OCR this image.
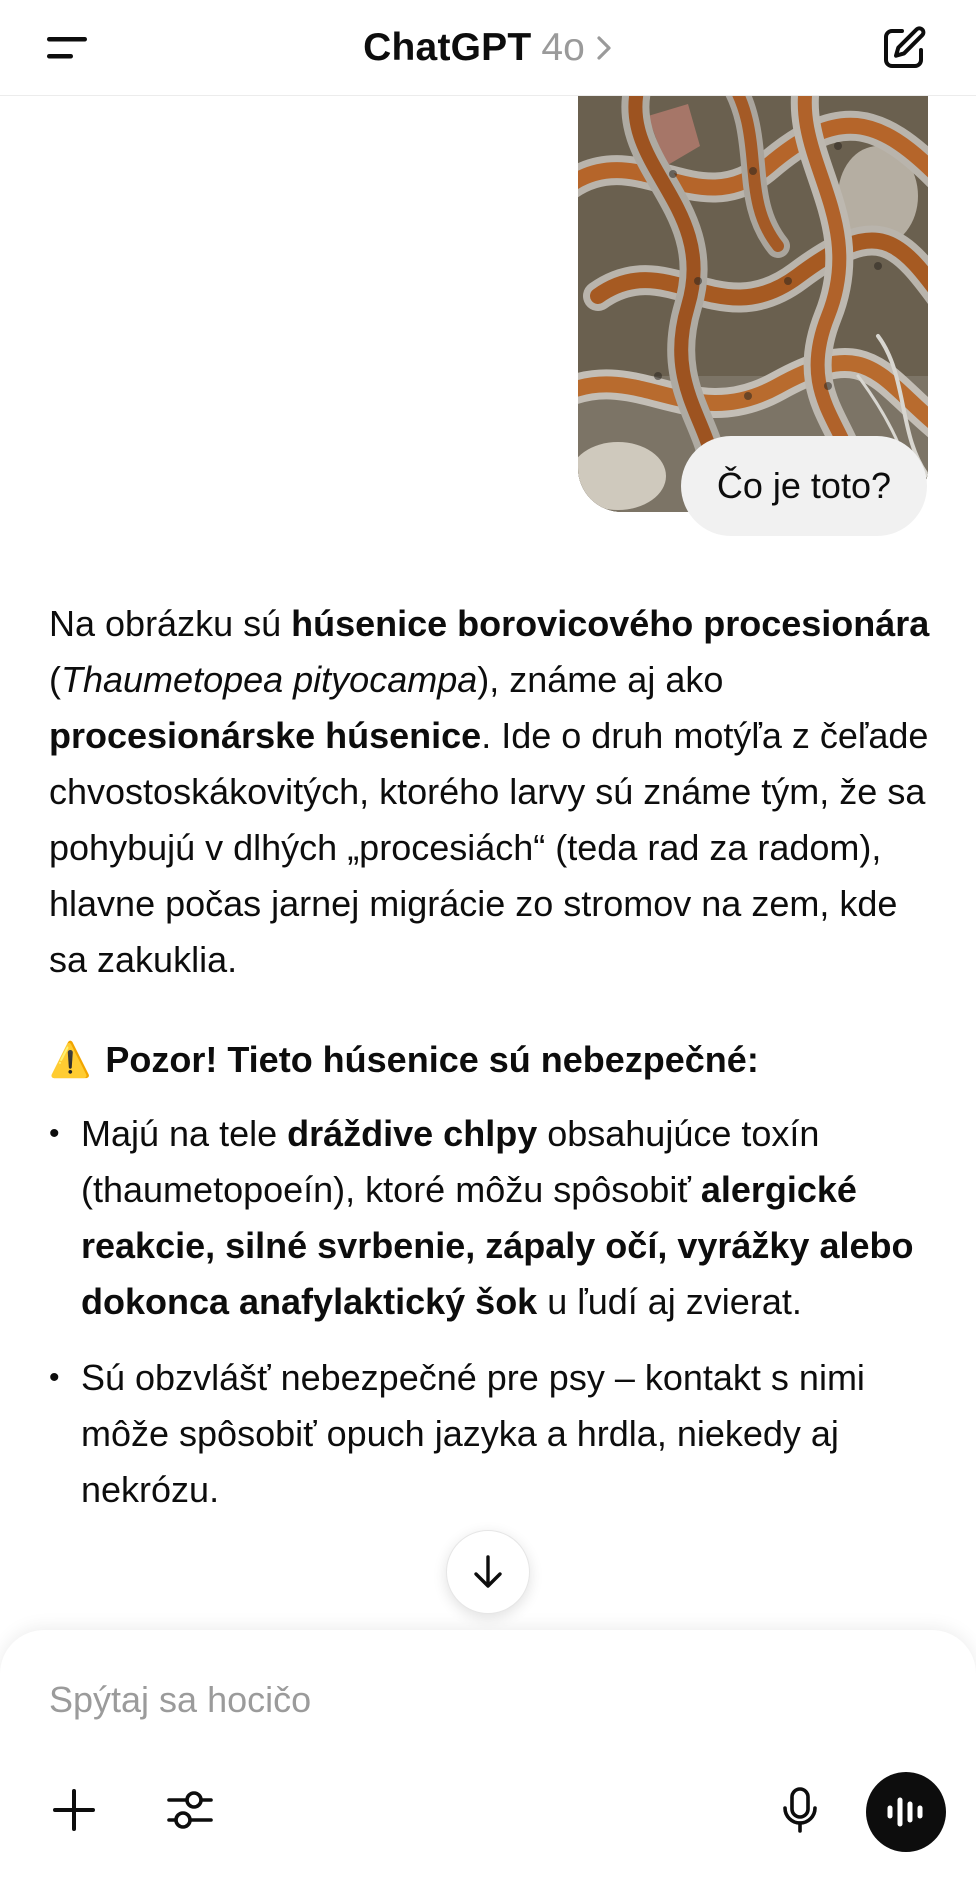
ChatGPT 4o
Čo je toto?

Na obrázku sú húsenice borovicového procesionára (Thaumetopea pityocampa), známe aj ako procesionárske húsenice. Ide o druh motýľa z čeľade chvostoskákovitých, ktorého larvy sú známe tým, že sa pohybujú v dlhých „procesiách“ (teda rad za radom), hlavne počas jarnej migrácie zo stromov na zem, kde sa zakuklia.

⚠️ Pozor! Tieto húsenice sú nebezpečné:
• Majú na tele dráždive chlpy obsahujúce toxín (thaumetopoeín), ktoré môžu spôsobiť alergické reakcie, silné svrbenie, zápaly očí, vyrážky alebo dokonca anafylaktický šok u ľudí aj zvierat.
• Sú obzvlášť nebezpečné pre psy – kontakt s nimi môže spôsobiť opuch jazyka a hrdla, niekedy aj nekrózu.
Spýtaj sa hocičo
